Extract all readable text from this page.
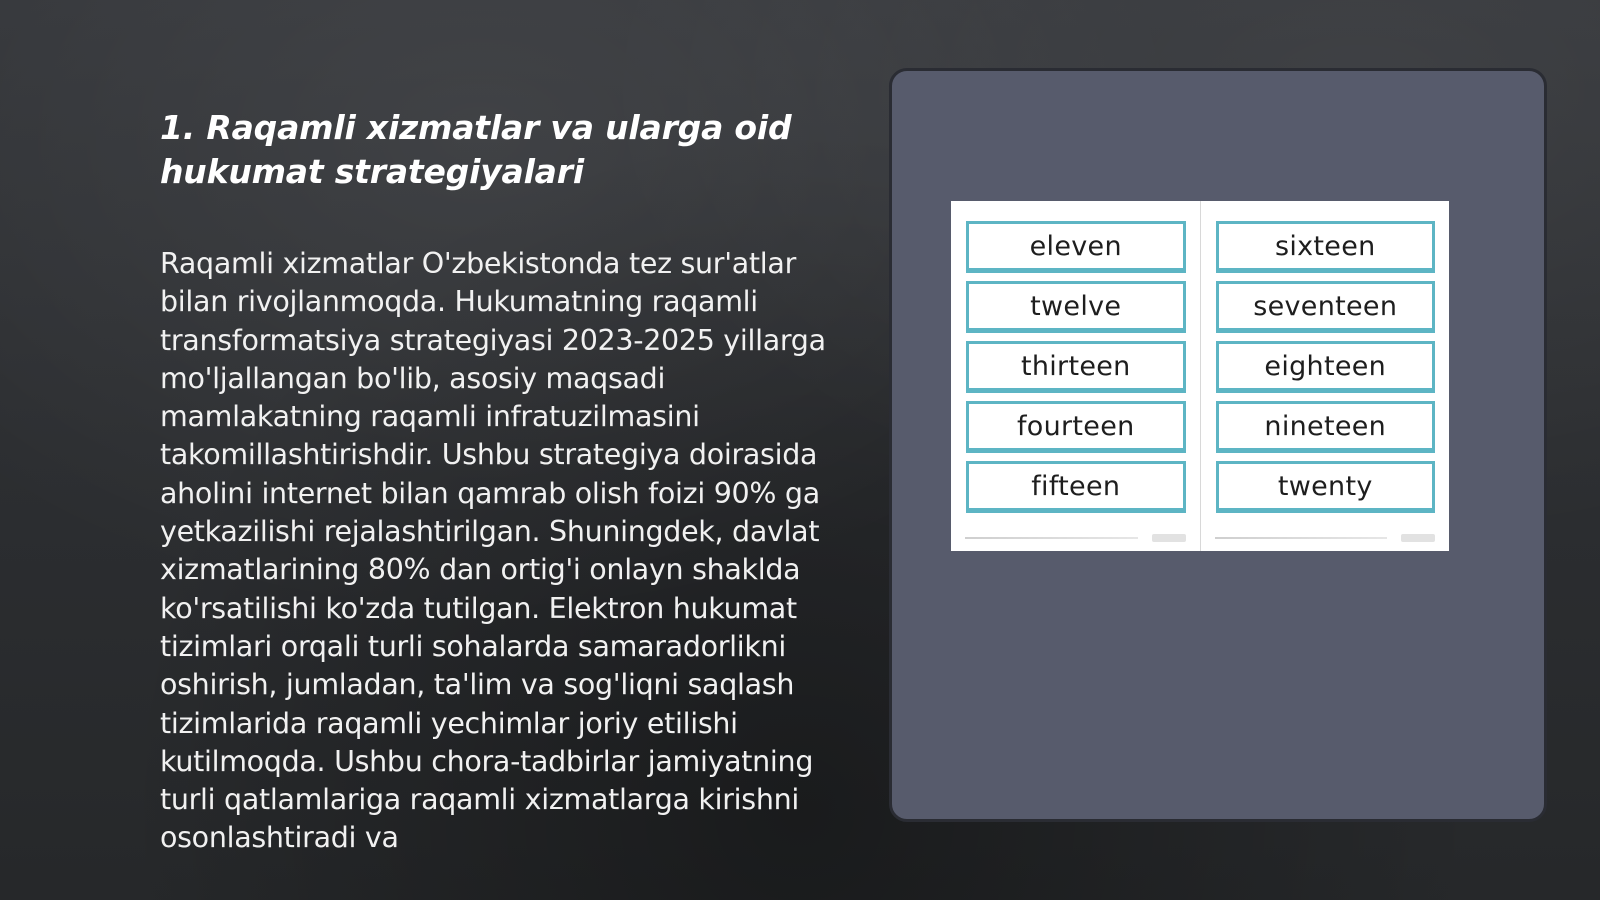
1. Raqamli xizmatlar va ularga oid hukumat strategiyalari

Raqamli xizmatlar O'zbekistonda tez sur'atlar bilan rivojlanmoqda. Hukumatning raqamli transformatsiya strategiyasi 2023-2025 yillarga mo'ljallangan bo'lib, asosiy maqsadi mamlakatning raqamli infratuzilmasini takomillashtirishdir. Ushbu strategiya doirasida aholini internet bilan qamrab olish foizi 90% ga yetkazilishi rejalashtirilgan. Shuningdek, davlat xizmatlarining 80% dan ortig'i onlayn shaklda ko'rsatilishi ko'zda tutilgan. Elektron hukumat tizimlari orqali turli sohalarda samaradorlikni oshirish, jumladan, ta'lim va sog'liqni saqlash tizimlarida raqamli yechimlar joriy etilishi kutilmoqda. Ushbu chora-tadbirlar jamiyatning turli qatlamlariga raqamli xizmatlarga kirishni osonlashtiradi va

eleven
twelve
thirteen
fourteen
fifteen
sixteen
seventeen
eighteen
nineteen
twenty
